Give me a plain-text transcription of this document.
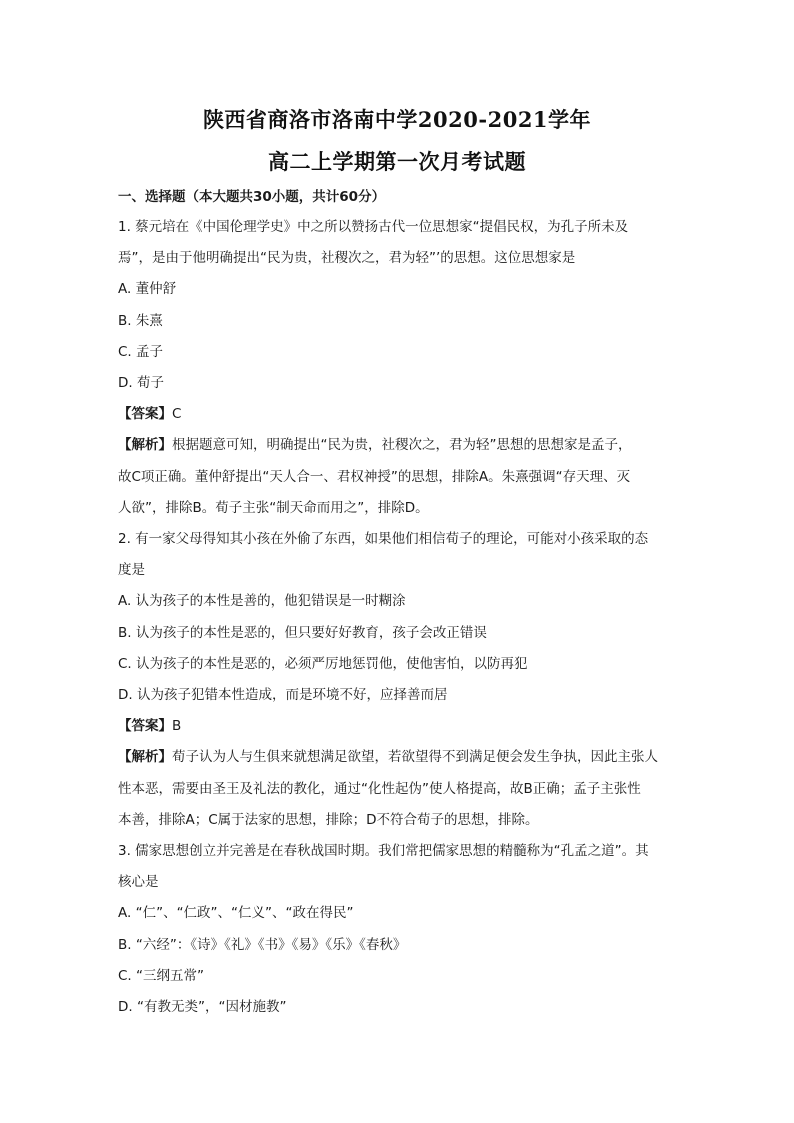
陕西省商洛市洛南中学2020-2021学年
高二上学期第一次月考试题
一、选择题（本大题共30小题，共计60分）
1. 蔡元培在《中国伦理学史》中之所以赞扬古代一位思想家“提倡民权，为孔子所未及
焉”，是由于他明确提出“民为贵，社稷次之，君为轻”’的思想。这位思想家是
A. 董仲舒
B. 朱熹
C. 孟子
D. 荀子
【答案】C
【解析】根据题意可知，明确提出“民为贵，社稷次之，君为轻”思想的思想家是孟子，
故C项正确。董仲舒提出“天人合一、君权神授”的思想，排除A。朱熹强调“存天理、灭
人欲”，排除B。荀子主张“制天命而用之”，排除D。
2. 有一家父母得知其小孩在外偷了东西，如果他们相信荀子的理论，可能对小孩采取的态
度是
A. 认为孩子的本性是善的，他犯错误是一时糊涂
B. 认为孩子的本性是恶的，但只要好好教育，孩子会改正错误
C. 认为孩子的本性是恶的，必须严厉地惩罚他，使他害怕，以防再犯
D. 认为孩子犯错本性造成，而是环境不好，应择善而居
【答案】B
【解析】荀子认为人与生俱来就想满足欲望，若欲望得不到满足便会发生争执，因此主张人
性本恶，需要由圣王及礼法的教化，通过“化性起伪”使人格提高，故B正确；孟子主张性
本善，排除A；C属于法家的思想，排除；D不符合荀子的思想，排除。
3. 儒家思想创立并完善是在春秋战国时期。我们常把儒家思想的精髓称为“孔孟之道”。其
核心是
A. “仁”、“仁政”、“仁义”、“政在得民”
B. “六经”：《诗》《礼》《书》《易》《乐》《春秋》
C. “三纲五常”
D. “有教无类”，“因材施教”
